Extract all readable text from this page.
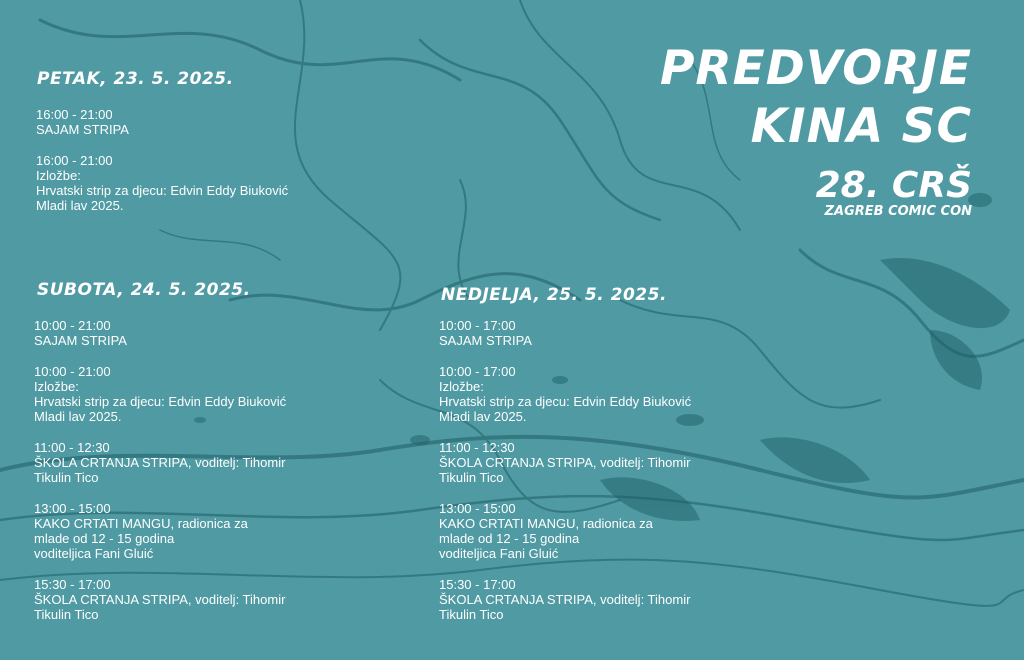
PETAK, 23. 5. 2025.
16:00 - 21:00
SAJAM STRIPA
16:00 - 21:00
Izložbe:
Hrvatski strip za djecu: Edvin Eddy Biuković
Mladi lav 2025.
SUBOTA, 24. 5. 2025.
10:00 - 21:00
SAJAM STRIPA
10:00 - 21:00
Izložbe:
Hrvatski strip za djecu: Edvin Eddy Biuković
Mladi lav 2025.
11:00 - 12:30
ŠKOLA CRTANJA STRIPA, voditelj: Tihomir
Tikulin Tico
13:00 - 15:00
KAKO CRTATI MANGU, radionica za
mlade od 12 - 15 godina
voditeljica Fani Gluić
15:30 - 17:00
ŠKOLA CRTANJA STRIPA, voditelj: Tihomir
Tikulin Tico
NEDJELJA, 25. 5. 2025.
10:00 - 17:00
SAJAM STRIPA
10:00 - 17:00
Izložbe:
Hrvatski strip za djecu: Edvin Eddy Biuković
Mladi lav 2025.
11:00 - 12:30
ŠKOLA CRTANJA STRIPA, voditelj: Tihomir
Tikulin Tico
13:00 - 15:00
KAKO CRTATI MANGU, radionica za
mlade od 12 - 15 godina
voditeljica Fani Gluić
15:30 - 17:00
ŠKOLA CRTANJA STRIPA, voditelj: Tihomir
Tikulin Tico
PREDVORJE
KINA SC
28. CRŠ
ZAGREB COMIC CON
